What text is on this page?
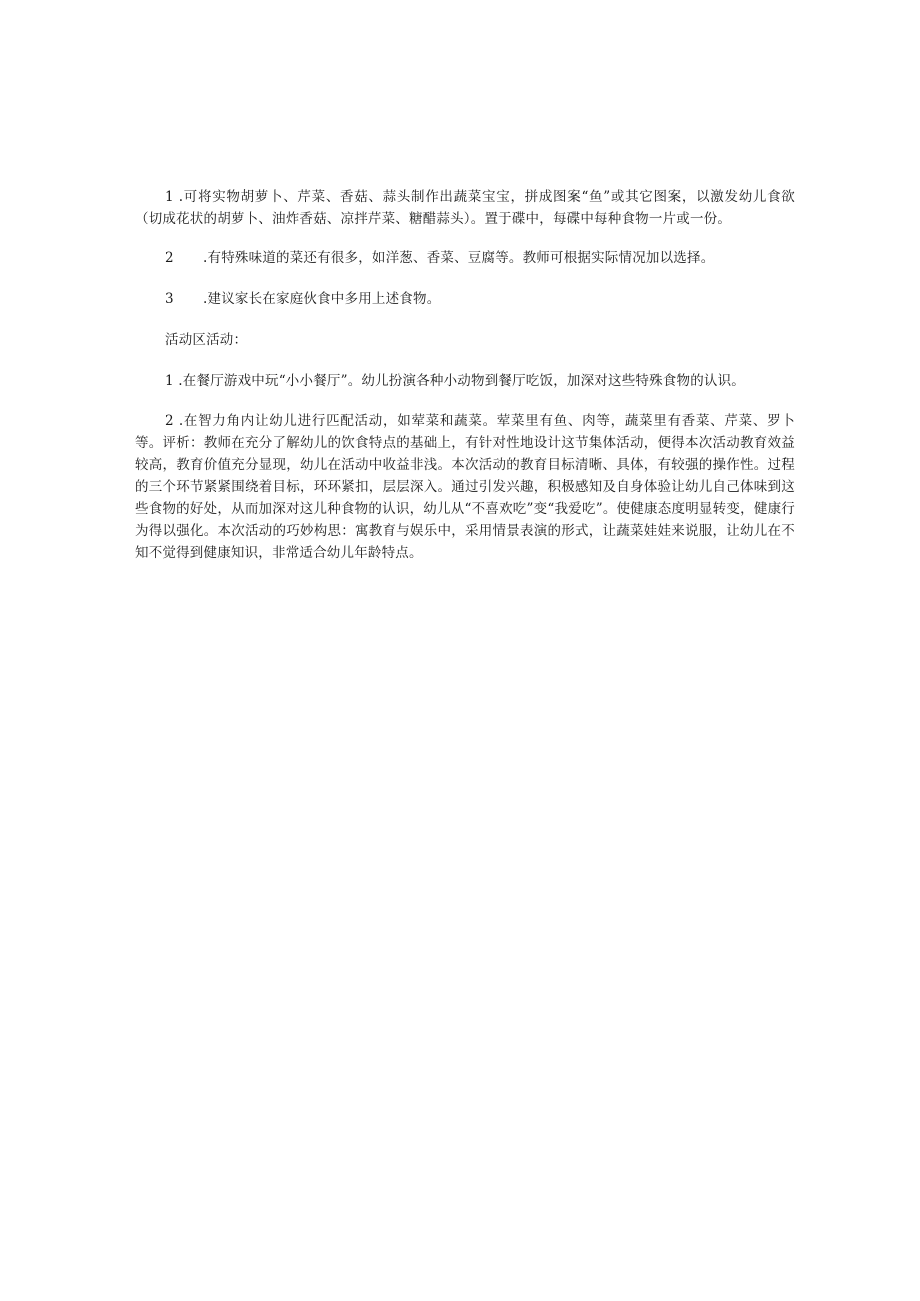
1 .可将实物胡萝卜、芹菜、香菇、蒜头制作出蔬菜宝宝，拼成图案“鱼”或其它图案，以激发幼儿食欲（切成花状的胡萝卜、油炸香菇、凉拌芹菜、糖醋蒜头）。置于碟中，每碟中每种食物一片或一份。

2 .有特殊味道的菜还有很多，如洋葱、香菜、豆腐等。教师可根据实际情况加以选择。

3 .建议家长在家庭伙食中多用上述食物。

活动区活动：

1 .在餐厅游戏中玩“小小餐厅”。幼儿扮演各种小动物到餐厅吃饭，加深对这些特殊食物的认识。

2 .在智力角内让幼儿进行匹配活动，如荤菜和蔬菜。荤菜里有鱼、肉等，蔬菜里有香菜、芹菜、罗卜等。评析：教师在充分了解幼儿的饮食特点的基础上，有针对性地设计这节集体活动，便得本次活动教育效益较高，教育价值充分显现，幼儿在活动中收益非浅。本次活动的教育目标清晰、具体，有较强的操作性。过程的三个环节紧紧围绕着目标，环环紧扣，层层深入。通过引发兴趣，积极感知及自身体验让幼儿自己体味到这些食物的好处，从而加深对这儿种食物的认识，幼儿从“不喜欢吃”变“我爱吃”。使健康态度明显转变，健康行为得以强化。本次活动的巧妙构思：寓教育与娱乐中，采用情景表演的形式，让蔬菜娃娃来说服，让幼儿在不知不觉得到健康知识，非常适合幼儿年龄特点。
